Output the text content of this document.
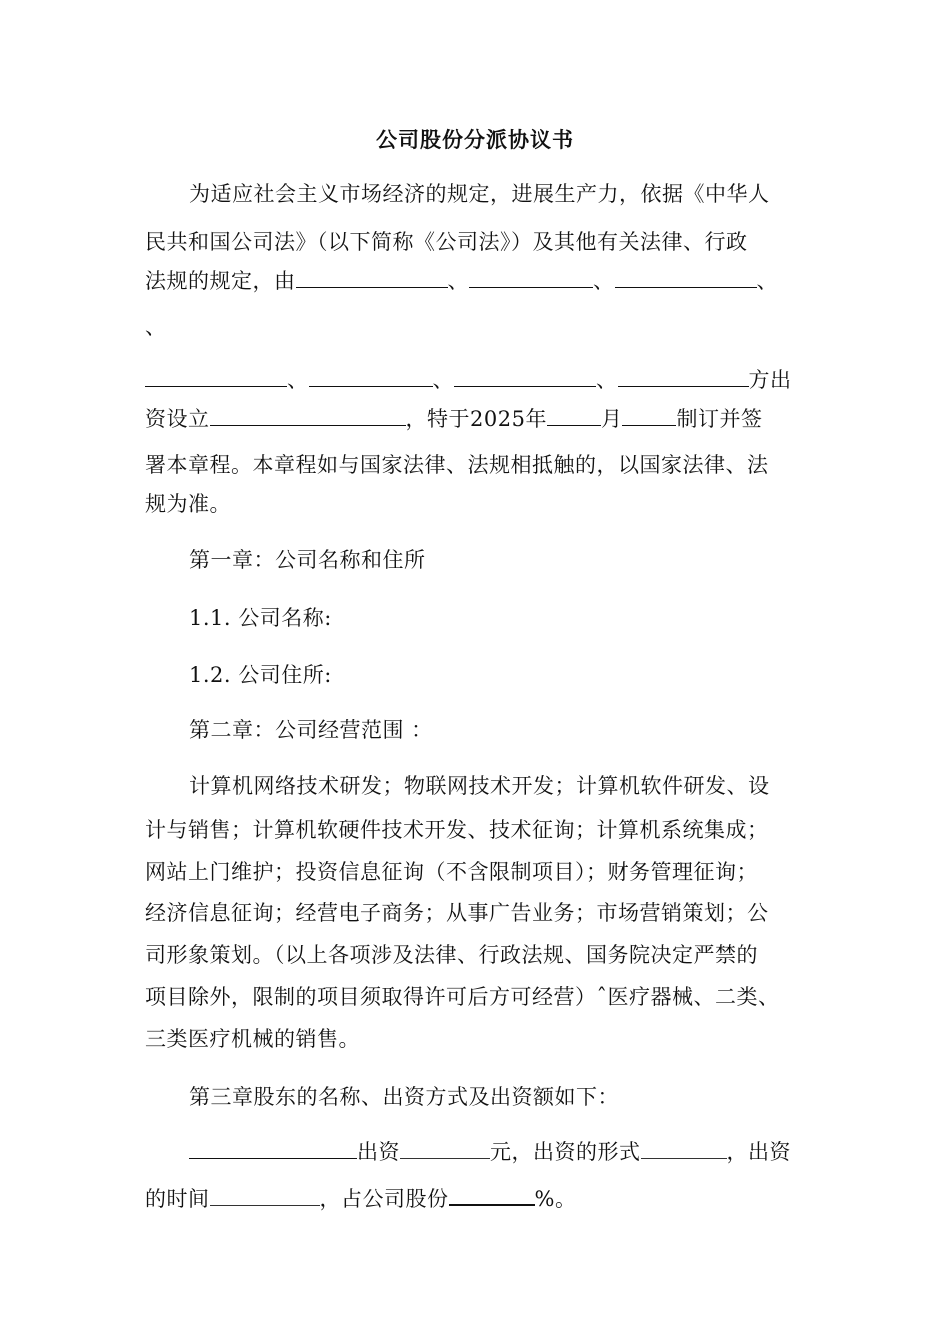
公司股份分派协议书
为适应社会主义市场经济的规定，进展生产力，依据《中华人
民共和国公司法》（以下简称《公司法》）及其他有关法律、行政
法规的规定，由	、	、	、
、
、	、	、	方出
资设立	，特于2025年	月	制订并签
署本章程。本章程如与国家法律、法规相抵触的，以国家法律、法
规为准。
第一章：公司名称和住所
1.1. 公司名称:
1.2. 公司住所:
第二章：公司经营范围 ：
计算机网络技术研发；物联网技术开发；计算机软件研发、设
计与销售；计算机软硬件技术开发、技术征询；计算机系统集成；
网站上门维护；投资信息征询（不含限制项目）；财务管理征询；
经济信息征询；经营电子商务；从事广告业务；市场营销策划；公
司形象策划。（以上各项涉及法律、行政法规、国务院决定严禁的
项目除外，限制的项目须取得许可后方可经营）ˆ医疗器械、二类、
三类医疗机械的销售。
第三章股东的名称、出资方式及出资额如下：
出资	元，出资的形式	，出资
的时间	，占公司股份	%。
